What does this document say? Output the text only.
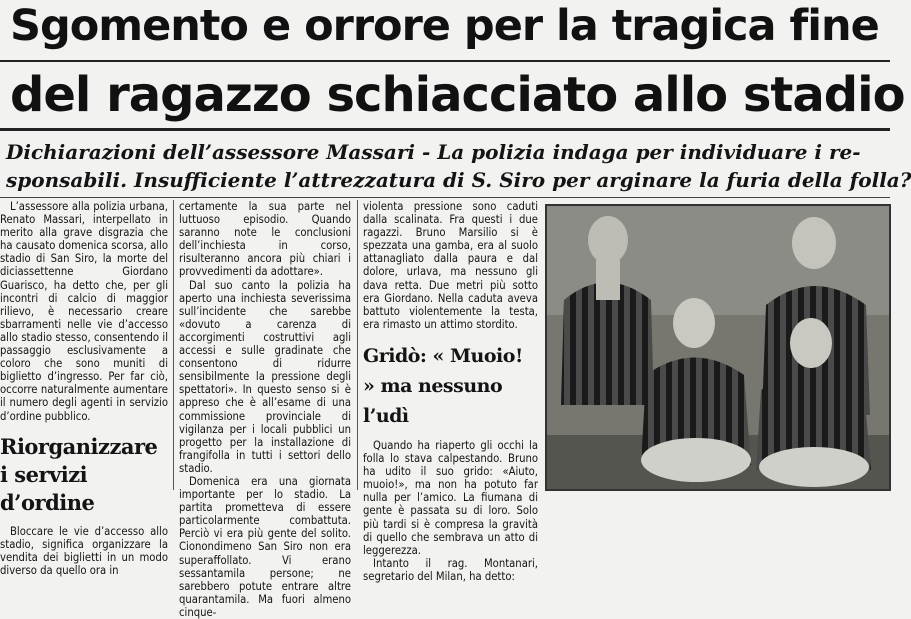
Sgomento e orrore per la tragica fine
del ragazzo schiacciato allo stadio
Dichiarazioni dell’assessore Massari - La polizia indaga per individuare i re-
sponsabili. Insufficiente l’attrezzatura di S. Siro per arginare la furia della folla?

L’assessore alla polizia urbana, Renato Massari, interpellato in merito alla grave disgrazia che ha causato domenica scorsa, allo stadio di San Siro, la morte del diciassettenne Giordano Guarisco, ha detto che, per gli incontri di calcio di maggior rilievo, è necessario creare sbarramenti nelle vie d’accesso allo stadio stesso, consentendo il passaggio esclusivamente a coloro che sono muniti di biglietto d’ingresso. Per far ciò, occorre naturalmente aumentare il numero degli agenti in servizio d’ordine pubblico.

Riorganizzare i servizi d’ordine

Bloccare le vie d’accesso allo stadio, significa organizzare la vendita dei biglietti in un modo diverso da quello ora in

certamente la sua parte nel luttuoso episodio. Quando saranno note le conclusioni dell’inchiesta in corso, risulteranno ancora più chiari i provvedimenti da adottare».

Dal suo canto la polizia ha aperto una inchiesta severissima sull’incidente che sarebbe «dovuto a carenza di accorgimenti costruttivi agli accessi e sulle gradinate che consentono di ridurre sensibilmente la pressione degli spettatori». In questo senso si è appreso che è all’esame di una commissione provinciale di vigilanza per i locali pubblici un progetto per la installazione di frangifolla in tutti i settori dello stadio.

Domenica era una giornata importante per lo stadio. La partita prometteva di essere particolarmente combattuta. Perciò vi era più gente del solito. Cionondimeno San Siro non era superaffollato. Vi erano sessantamila persone; ne sarebbero potute entrare altre quarantamila. Ma fuori almeno cinque-

violenta pressione sono caduti dalla scalinata. Fra questi i due ragazzi. Bruno Marsilio si è spezzata una gamba, era al suolo attanagliato dalla paura e dal dolore, urlava, ma nessuno gli dava retta. Due metri più sotto era Giordano. Nella caduta aveva battuto violentemente la testa, era rimasto un attimo stordito.

Gridò: « Muoio! » ma nessuno l’udì

Quando ha riaperto gli occhi la folla lo stava calpestando. Bruno ha udito il suo grido: «Aiuto, muoio!», ma non ha potuto far nulla per l’amico. La fiumana di gente è passata su di loro. Solo più tardi si è compresa la gravità di quello che sembrava un atto di leggerezza.

Intanto il rag. Montanari, segretario del Milan, ha detto:
